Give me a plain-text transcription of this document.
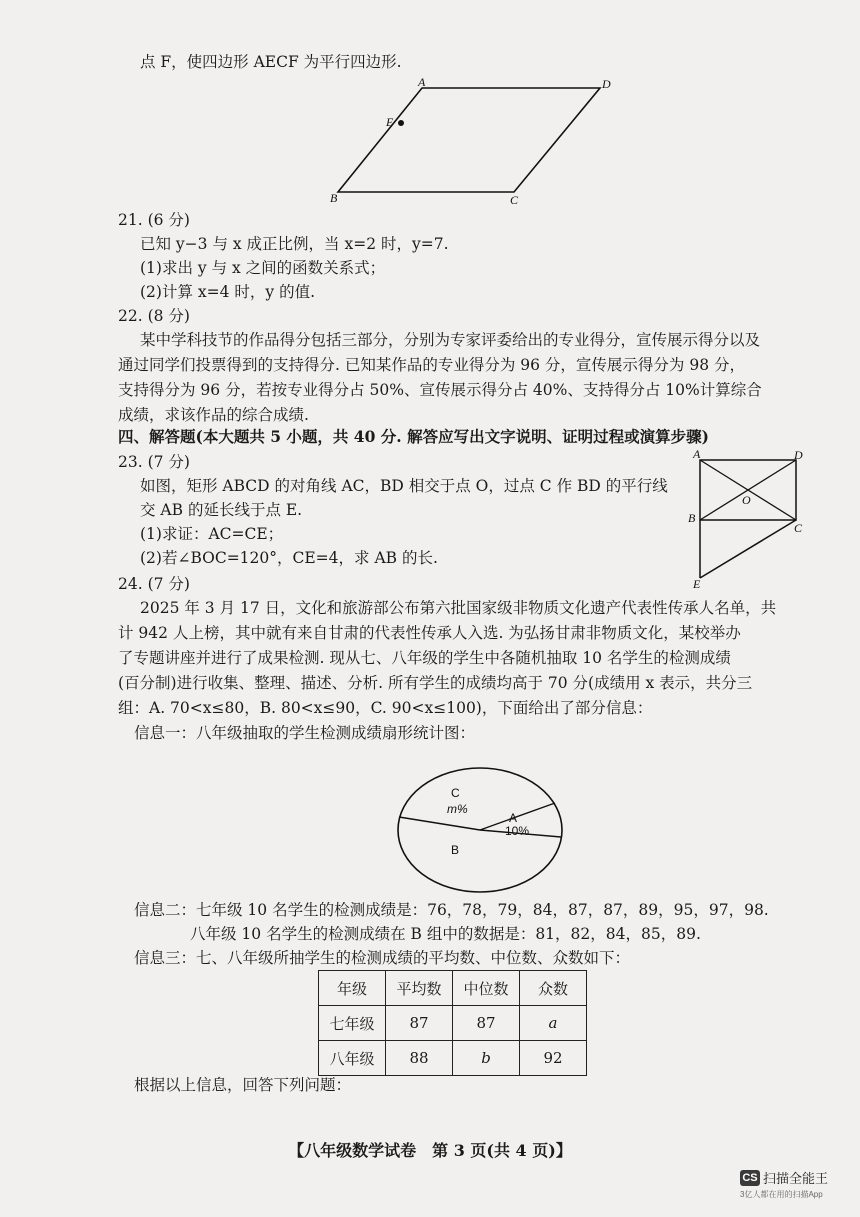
点 F，使四边形 AECF 为平行四边形.
A	D
E
B	C
21. (6 分)
已知 y−3 与 x 成正比例，当 x=2 时，y=7.
(1)求出 y 与 x 之间的函数关系式；
(2)计算 x=4 时，y 的值.
22. (8 分)
某中学科技节的作品得分包括三部分，分别为专家评委给出的专业得分，宣传展示得分以及
通过同学们投票得到的支持得分. 已知某作品的专业得分为 96 分，宣传展示得分为 98 分，
支持得分为 96 分，若按专业得分占 50%、宣传展示得分占 40%、支持得分占 10%计算综合
成绩，求该作品的综合成绩.
四、解答题(本大题共 5 小题，共 40 分. 解答应写出文字说明、证明过程或演算步骤)
23. (7 分)
如图，矩形 ABCD 的对角线 AC，BD 相交于点 O，过点 C 作 BD 的平行线
交 AB 的延长线于点 E.
(1)求证：AC=CE；
(2)若∠BOC=120°，CE=4，求 AB 的长.
A	D
O
B
C
E
24. (7 分)
2025 年 3 月 17 日，文化和旅游部公布第六批国家级非物质文化遗产代表性传承人名单，共
计 942 人上榜，其中就有来自甘肃的代表性传承人入选. 为弘扬甘肃非物质文化，某校举办
了专题讲座并进行了成果检测. 现从七、八年级的学生中各随机抽取 10 名学生的检测成绩
(百分制)进行收集、整理、描述、分析. 所有学生的成绩均高于 70 分(成绩用 x 表示，共分三
组：A. 70<x≤80，B. 80<x≤90，C. 90<x≤100)，下面给出了部分信息：
信息一：八年级抽取的学生检测成绩扇形统计图：
C
m%
A
10%
B
信息二：七年级 10 名学生的检测成绩是：76，78，79，84，87，87，89，95，97，98.
八年级 10 名学生的检测成绩在 B 组中的数据是：81，82，84，85，89.
信息三：七、八年级所抽学生的检测成绩的平均数、中位数、众数如下：
年级	平均数	中位数	众数
七年级	87	87	a
八年级	88	b	92
根据以上信息，回答下列问题：
【八年级数学试卷　第 3 页(共 4 页)】
CS 扫描全能王
3亿人都在用的扫描App
